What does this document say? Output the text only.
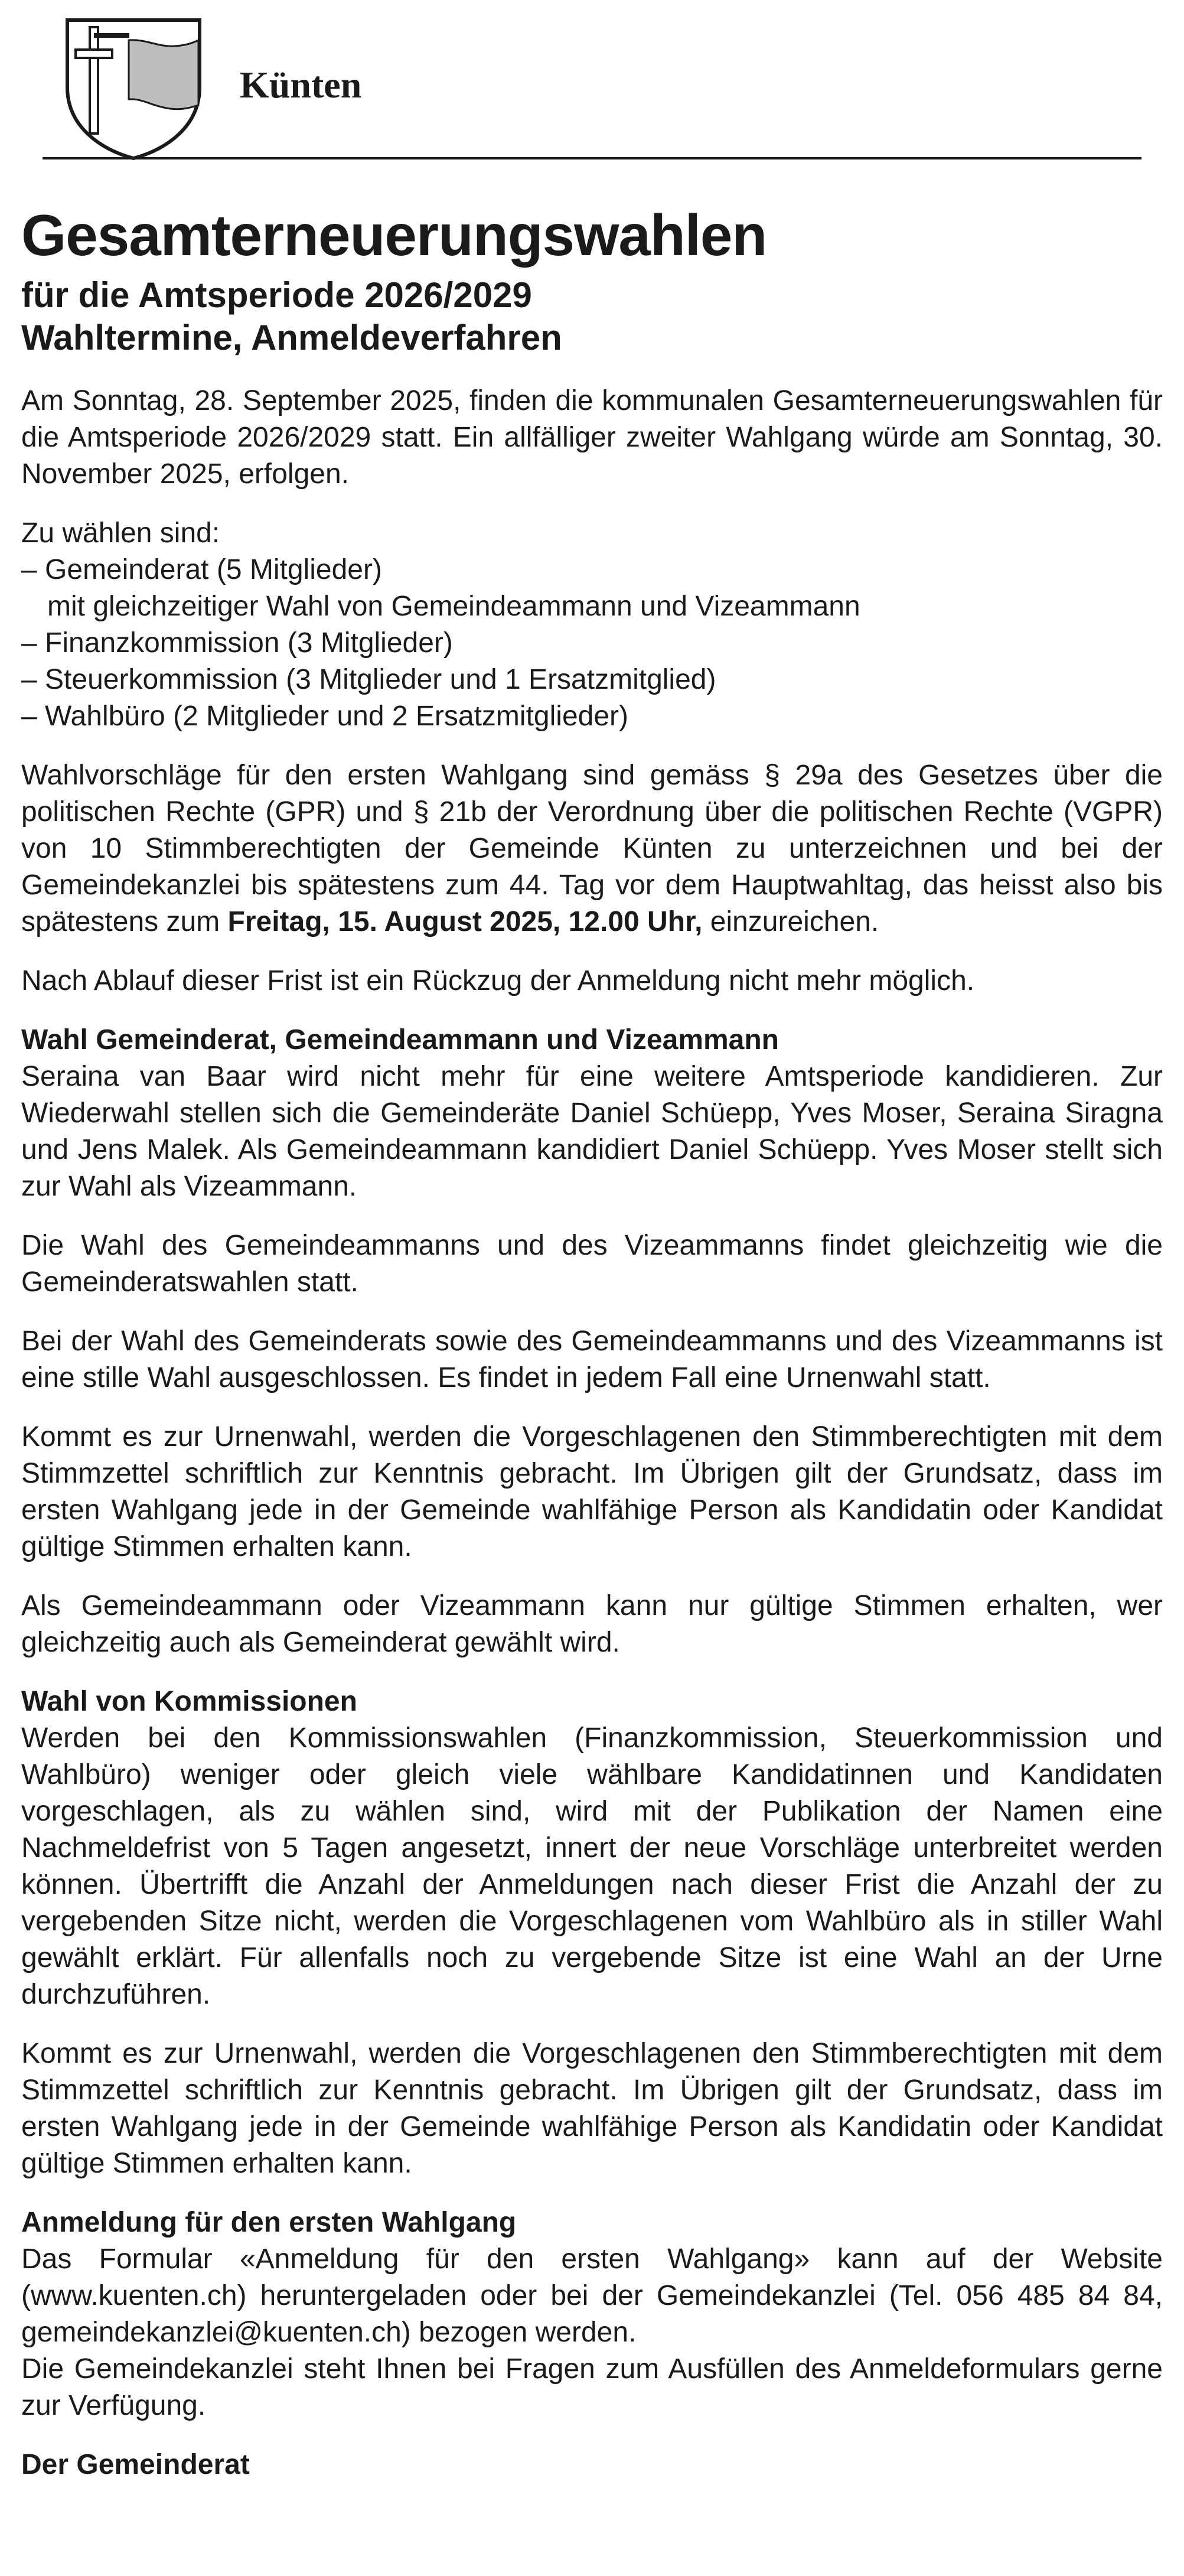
Künten
Gesamterneuerungswahlen
für die Amtsperiode 2026/2029
Wahltermine, Anmeldeverfahren

Am Sonntag, 28. September 2025, finden die kommunalen Gesamterneuerungswahlen für die Amtsperiode 2026/2029 statt. Ein allfälliger zweiter Wahlgang würde am Sonntag, 30. November 2025, erfolgen.

Zu wählen sind:

– Gemeinderat (5 Mitglieder)
mit gleichzeitiger Wahl von Gemeindeammann und Vizeammann
– Finanzkommission (3 Mitglieder)
– Steuerkommission (3 Mitglieder und 1 Ersatzmitglied)
– Wahlbüro (2 Mitglieder und 2 Ersatzmitglieder)

Wahlvorschläge für den ersten Wahlgang sind gemäss § 29a des Gesetzes über die politischen Rechte (GPR) und § 21b der Verordnung über die politischen Rechte (VGPR) von 10 Stimmberechtigten der Gemeinde Künten zu unterzeichnen und bei der Gemeindekanzlei bis spätestens zum 44. Tag vor dem Hauptwahltag, das heisst also bis spätestens zum Freitag, 15. August 2025, 12.00 Uhr, einzureichen.

Nach Ablauf dieser Frist ist ein Rückzug der Anmeldung nicht mehr möglich.

Wahl Gemeinderat, Gemeindeammann und Vizeammann

Seraina van Baar wird nicht mehr für eine weitere Amtsperiode kandidieren. Zur Wiederwahl stellen sich die Gemeinderäte Daniel Schüepp, Yves Moser, Seraina Siragna und Jens Malek. Als Gemeindeammann kandidiert Daniel Schüepp. Yves Moser stellt sich zur Wahl als Vizeammann.

Die Wahl des Gemeindeammanns und des Vizeammanns findet gleichzeitig wie die Gemeinderatswahlen statt.

Bei der Wahl des Gemeinderats sowie des Gemeindeammanns und des Vizeammanns ist eine stille Wahl ausgeschlossen. Es findet in jedem Fall eine Urnenwahl statt.

Kommt es zur Urnenwahl, werden die Vorgeschlagenen den Stimmberechtigten mit dem Stimmzettel schriftlich zur Kenntnis gebracht. Im Übrigen gilt der Grundsatz, dass im ersten Wahlgang jede in der Gemeinde wahlfähige Person als Kandidatin oder Kandidat gültige Stimmen erhalten kann.

Als Gemeindeammann oder Vizeammann kann nur gültige Stimmen erhalten, wer gleichzeitig auch als Gemeinderat gewählt wird.

Wahl von Kommissionen

Werden bei den Kommissionswahlen (Finanzkommission, Steuerkommission und Wahlbüro) weniger oder gleich viele wählbare Kandidatinnen und Kandidaten vorgeschlagen, als zu wählen sind, wird mit der Publikation der Namen eine Nachmeldefrist von 5 Tagen angesetzt, innert der neue Vorschläge unterbreitet werden können. Übertrifft die Anzahl der Anmeldungen nach dieser Frist die Anzahl der zu vergebenden Sitze nicht, werden die Vorgeschlagenen vom Wahlbüro als in stiller Wahl gewählt erklärt. Für allenfalls noch zu vergebende Sitze ist eine Wahl an der Urne durchzuführen.

Kommt es zur Urnenwahl, werden die Vorgeschlagenen den Stimmberechtigten mit dem Stimmzettel schriftlich zur Kenntnis gebracht. Im Übrigen gilt der Grundsatz, dass im ersten Wahlgang jede in der Gemeinde wahlfähige Person als Kandidatin oder Kandidat gültige Stimmen erhalten kann.

Anmeldung für den ersten Wahlgang

Das Formular «Anmeldung für den ersten Wahlgang» kann auf der Website (www.kuenten.ch) heruntergeladen oder bei der Gemeindekanzlei (Tel. 056 485 84 84, gemeindekanzlei@kuenten.ch) bezogen werden.

Die Gemeindekanzlei steht Ihnen bei Fragen zum Ausfüllen des Anmeldeformulars gerne zur Verfügung.

Der Gemeinderat
